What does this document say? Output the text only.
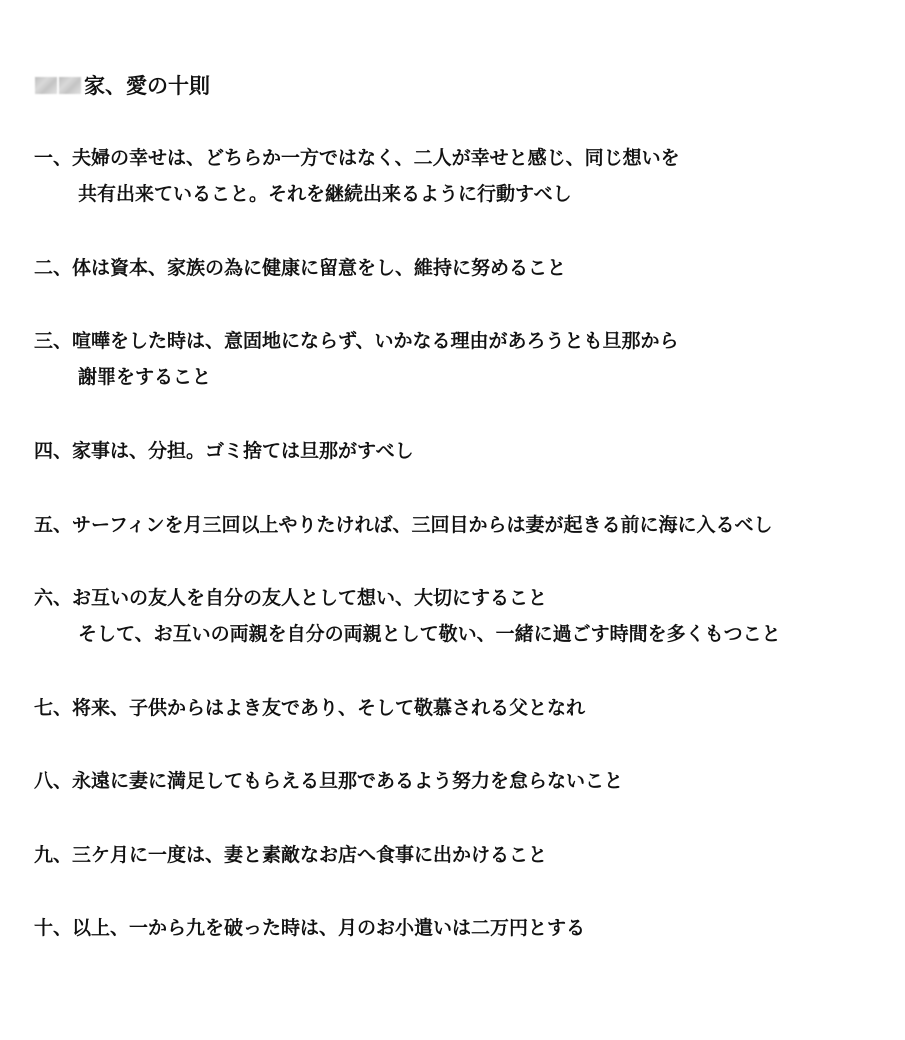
家、愛の十則
一、夫婦の幸せは、どちらか一方ではなく、二人が幸せと感じ、同じ想いを
共有出来ていること。それを継続出来るように行動すべし
二、体は資本、家族の為に健康に留意をし、維持に努めること
三、喧嘩をした時は、意固地にならず、いかなる理由があろうとも旦那から
謝罪をすること
四、家事は、分担。ゴミ捨ては旦那がすべし
五、サーフィンを月三回以上やりたければ、三回目からは妻が起きる前に海に入るべし
六、お互いの友人を自分の友人として想い、大切にすること
そして、お互いの両親を自分の両親として敬い、一緒に過ごす時間を多くもつこと
七、将来、子供からはよき友であり、そして敬慕される父となれ
八、永遠に妻に満足してもらえる旦那であるよう努力を怠らないこと
九、三ケ月に一度は、妻と素敵なお店へ食事に出かけること
十、以上、一から九を破った時は、月のお小遣いは二万円とする
